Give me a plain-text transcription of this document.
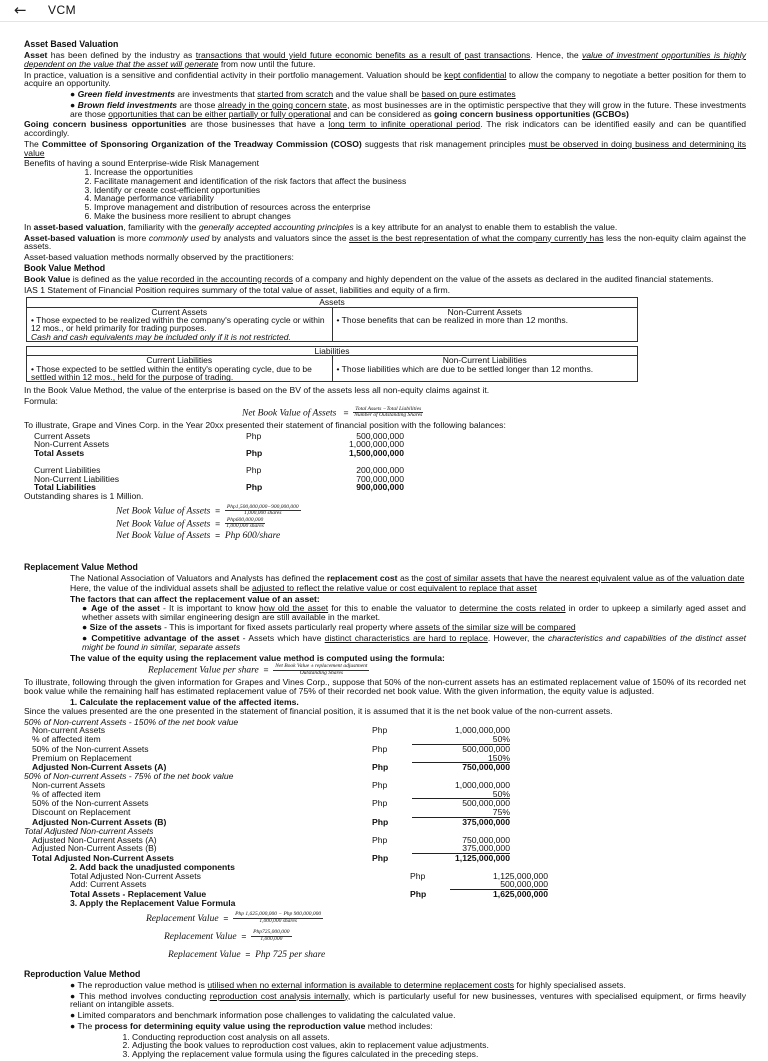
←	VCM
Asset Based Valuation

Asset has been defined by the industry as transactions that would yield future economic benefits as a result of past transactions. Hence, the value of investment opportunities is highly dependent on the value that the asset will generate from now until the future.

In practice, valuation is a sensitive and confidential activity in their portfolio management. Valuation should be kept confidential to allow the company to negotiate a better position for them to acquire an opportunity.

● Green field investments are investments that started from scratch and the value shall be based on pure estimates

● Brown field investments are those already in the going concern state, as most businesses are in the optimistic perspective that they will grow in the future. These investments are those opportunities that can be either partially or fully operational and can be considered as going concern business opportunities (GCBOs)

Going concern business opportunities are those businesses that have a long term to infinite operational period. The risk indicators can be identified easily and can be quantified accordingly.

The Committee of Sponsoring Organization of the Treadway Commission (COSO) suggests that risk management principles must be observed in doing business and determining its value

Benefits of having a sound Enterprise-wide Risk Management
1. Increase the opportunities
2. Facilitate management and identification of the risk factors that affect the business
3. Identify or create cost-efficient opportunities
4. Manage performance variability
5. Improve management and distribution of resources across the enterprise
6. Make the business more resilient to abrupt changes

In asset-based valuation, familiarity with the generally accepted accounting principles is a key attribute for an analyst to enable them to establish the value.

Asset-based valuation is more commonly used by analysts and valuators since the asset is the best representation of what the company currently has less the non-equity claim against the assets.

Asset-based valuation methods normally observed by the practitioners:

Book Value Method

Book Value is defined as the value recorded in the accounting records of a company and highly dependent on the value of the assets as declared in the audited financial statements.

IAS 1 Statement of Financial Position requires summary of the total value of asset, liabilities and equity of a firm.

Assets

Current Assets
• Those expected to be realized within the company's operating cycle or within 12 mos., or held primarily for trading purposes.
Cash and cash equivalents may be included only if it is not restricted.

Non-Current Assets
• Those benefits that can be realized in more than 12 months.
Liabilities

Current Liabilities
• Those expected to be settled within the entity's operating cycle, due to be settled within 12 mos., held for the purpose of trading.

Non-Current Liabilities
• Those liabilities which are due to be settled longer than 12 months.

In the Book Value Method, the value of the enterprise is based on the BV of the assets less all non-equity claims against it.

Formula:
Net Book Value of Assets   = $\frac{\text{Total Assets −Total Liabilities}}{\text{Number of Outstanding Shares}}$

To illustrate, Grape and Vines Corp. in the Year 20xx presented their statement of financial position with the following balances:

Current Assets	Php	500,000,000
Non-Current Assets	1,000,000,000
Total Assets	Php	1,500,000,000
Current Liabilities	Php	200,000,000
Non-Current Liabilities	700,000,000
Total Liabilities	Php	900,000,000
Outstanding shares is 1 Million.
Net Book Value of Assets  = $\frac{\text{Php1,500,000,000−900,000,000}}{\text{1,000,000 shares}}$
Net Book Value of Assets  = $\frac{\text{Php600,000,000}}{\text{1,000,000 shares}}$
Net Book Value of Assets  =  Php 600/share
Replacement Value Method

The National Association of Valuators and Analysts has defined the replacement cost as the cost of similar assets that have the nearest equivalent value as of the valuation date

Here, the value of the individual assets shall be adjusted to reflect the relative value or cost equivalent to replace that asset

The factors that can affect the replacement value of an asset:

● Age of the asset - It is important to know how old the asset for this to enable the valuator to determine the costs related in order to upkeep a similarly aged asset and whether assets with similar engineering design are still available in the market.

● Size of the assets - This is important for fixed assets particularly real property where assets of the similar size will be compared

● Competitive advantage of the asset - Assets which have distinct characteristics are hard to replace. However, the characteristics and capabilities of the distinct asset might be found in similar, separate assets

The value of the equity using the replacement value method is computed using the formula:
Replacement Value per share  = $\frac{\text{Net Book Value ± replacement adjustment}}{\text{Outstanding Shares}}$

To illustrate, following through the given information for Grapes and Vines Corp., suppose that 50% of the non-current assets has an estimated replacement value of 150% of its recorded net book value while the remaining half has estimated replacement value of 75% of their recorded net book value. With the given information, the equity value is adjusted.

1. Calculate the replacement value of the affected items.

Since the values presented are the one presented in the statement of financial position, it is assumed that it is the net book value of the non-current assets.

50% of Non-current Assets - 150% of the net book value
Non-current Assets	Php	1,000,000,000
% of affected item	50%
50% of the Non-current Assets	Php	500,000,000
Premium on Replacement	150%
Adjusted Non-Current Assets (A)	Php	750,000,000
50% of Non-current Assets - 75% of the net book value
Non-current Assets	Php	1,000,000,000
% of affected item	50%
50% of the Non-current Assets	Php	500,000,000
Discount on Replacement	75%
Adjusted Non-Current Assets (B)	Php	375,000,000
Total Adjusted Non-current Assets
Adjusted Non-Current Assets (A)	Php	750,000,000
Adjusted Non-Current Assets (B)	375,000,000
Total Adjusted Non-Current Assets	Php	1,125,000,000
2. Add back the unadjusted components
Total Adjusted Non-Current Assets	Php	1,125,000,000
Add: Current Assets	500,000,000
Total Assets - Replacement Value	Php	1,625,000,000
3. Apply the Replacement Value Formula
Replacement Value  = $\frac{\text{Php 1,625,000,000 − Php 900,000,000}}{\text{1,000,000 shares}}$
Replacement Value  = $\frac{\text{Php725,000,000}}{1,000,000}$
Replacement Value  =  Php 725 per share
Reproduction Value Method

● The reproduction value method is utilised when no external information is available to determine replacement costs for highly specialised assets.

● This method involves conducting reproduction cost analysis internally, which is particularly useful for new businesses, ventures with specialised equipment, or firms heavily reliant on intangible assets.

● Limited comparators and benchmark information pose challenges to validating the calculated value.

● The process for determining equity value using the reproduction value method includes:

1. Conducting reproduction cost analysis on all assets.
2. Adjusting the book values to reproduction cost values, akin to replacement value adjustments.
3. Applying the replacement value formula using the figures calculated in the preceding steps.
